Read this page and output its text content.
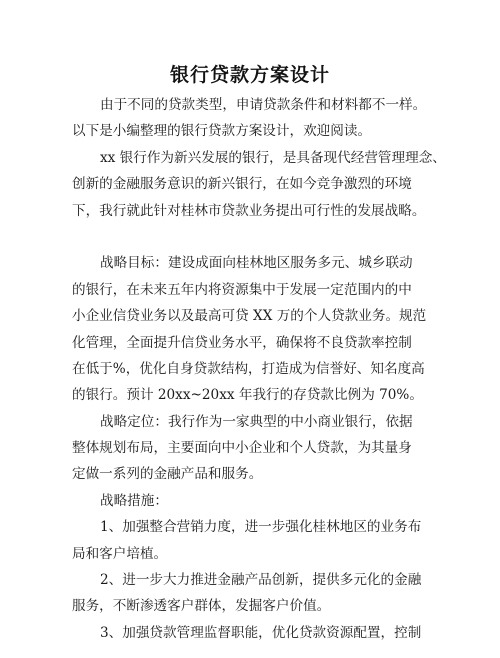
银行贷款方案设计
由于不同的贷款类型，申请贷款条件和材料都不一样。
以下是小编整理的银行贷款方案设计，欢迎阅读。
xx 银行作为新兴发展的银行，是具备现代经营管理理念、
创新的金融服务意识的新兴银行，在如今竞争激烈的环境
下，我行就此针对桂林市贷款业务提出可行性的发展战略。
战略目标：建设成面向桂林地区服务多元、城乡联动
的银行，在未来五年内将资源集中于发展一定范围内的中
小企业信贷业务以及最高可贷 XX 万的个人贷款业务。规范
化管理，全面提升信贷业务水平，确保将不良贷款率控制
在低于%，优化自身贷款结构，打造成为信誉好、知名度高
的银行。预计 20xx~20xx 年我行的存贷款比例为 70%。
战略定位：我行作为一家典型的中小商业银行，依据
整体规划布局，主要面向中小企业和个人贷款，为其量身
定做一系列的金融产品和服务。
战略措施：
1、加强整合营销力度，进一步强化桂林地区的业务布
局和客户培植。
2、进一步大力推进金融产品创新，提供多元化的金融
服务，不断渗透客户群体，发掘客户价值。
3、加强贷款管理监督职能，优化贷款资源配置，控制
